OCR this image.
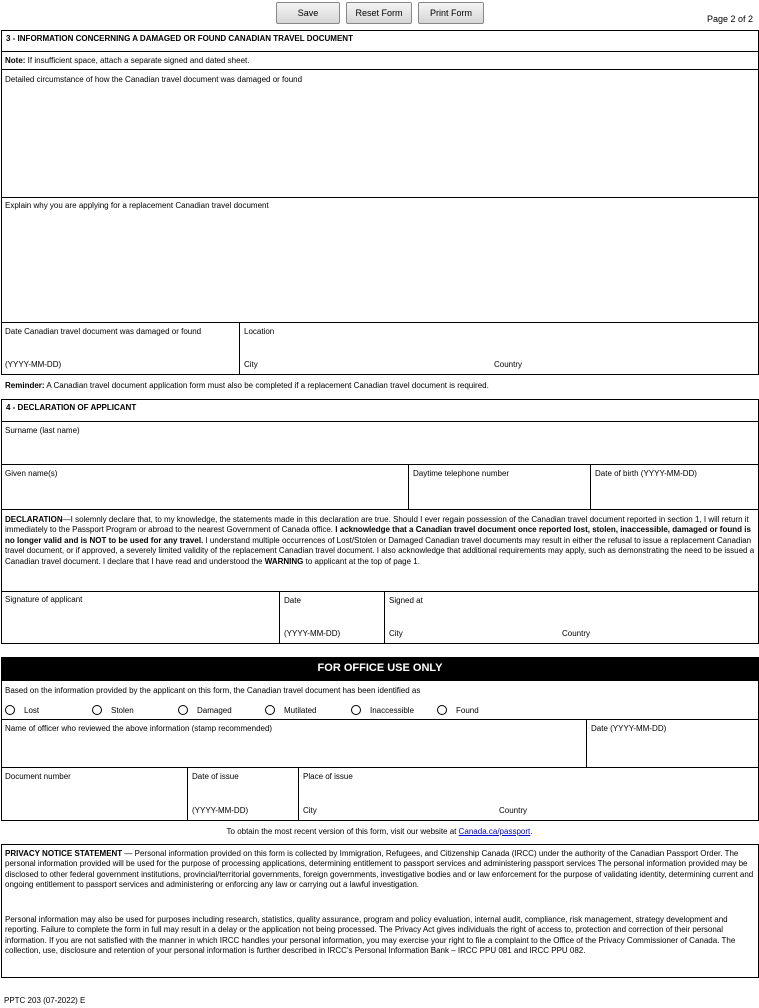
Save	Reset Form	Print Form
Page 2 of 2
3 - INFORMATION CONCERNING A DAMAGED OR FOUND CANADIAN TRAVEL DOCUMENT
Note: If insufficient space, attach a separate signed and dated sheet.
Detailed circumstance of how the Canadian travel document was damaged or found
Explain why you are applying for a replacement Canadian travel document
Date Canadian travel document was damaged or found
(YYYY-MM-DD)
Location
City	Country
Reminder: A Canadian travel document application form must also be completed if a replacement Canadian travel document is required.
4 - DECLARATION OF APPLICANT
Surname (last name)
Given name(s)	Daytime telephone number	Date of birth (YYYY-MM-DD)
DECLARATION—I solemnly declare that, to my knowledge, the statements made in this declaration are true. Should I ever regain possession of the Canadian travel document reported in section 1, I will return it immediately to the Passport Program or abroad to the nearest Government of Canada office. I acknowledge that a Canadian travel document once reported lost, stolen, inaccessible, damaged or found is no longer valid and is NOT to be used for any travel. I understand multiple occurrences of Lost/Stolen or Damaged Canadian travel documents may result in either the refusal to issue a replacement Canadian travel document, or if approved, a severely limited validity of the replacement Canadian travel document. I also acknowledge that additional requirements may apply, such as demonstrating the need to be issued a Canadian travel document. I declare that I have read and understood the WARNING to applicant at the top of page 1.
Signature of applicant	Date
(YYYY-MM-DD)
Signed at
City	Country
FOR OFFICE USE ONLY
Based on the information provided by the applicant on this form, the Canadian travel document has been identified as
Lost	Stolen	Damaged	Mutilated	Inaccessible	Found
Name of officer who reviewed the above information (stamp recommended)	Date (YYYY-MM-DD)
Document number	Date of issue
(YYYY-MM-DD)
Place of issue
City	Country
To obtain the most recent version of this form, visit our website at Canada.ca/passport.
PRIVACY NOTICE STATEMENT — Personal information provided on this form is collected by Immigration, Refugees, and Citizenship Canada (IRCC) under the authority of the Canadian Passport Order. The personal information provided will be used for the purpose of processing applications, determining entitlement to passport services and administering passport services The personal information provided may be disclosed to other federal government institutions, provincial/territorial governments, foreign governments, investigative bodies and or law enforcement for the purpose of validating identity, determining current and ongoing entitlement to passport services and administering or enforcing any law or carrying out a lawful investigation.
Personal information may also be used for purposes including research, statistics, quality assurance, program and policy evaluation, internal audit, compliance, risk management, strategy development and reporting. Failure to complete the form in full may result in a delay or the application not being processed. The Privacy Act gives individuals the right of access to, protection and correction of their personal information. If you are not satisfied with the manner in which IRCC handles your personal information, you may exercise your right to file a complaint to the Office of the Privacy Commissioner of Canada. The collection, use, disclosure and retention of your personal information is further described in IRCC's Personal Information Bank – IRCC PPU 081 and IRCC PPU 082.
PPTC 203 (07-2022) E
